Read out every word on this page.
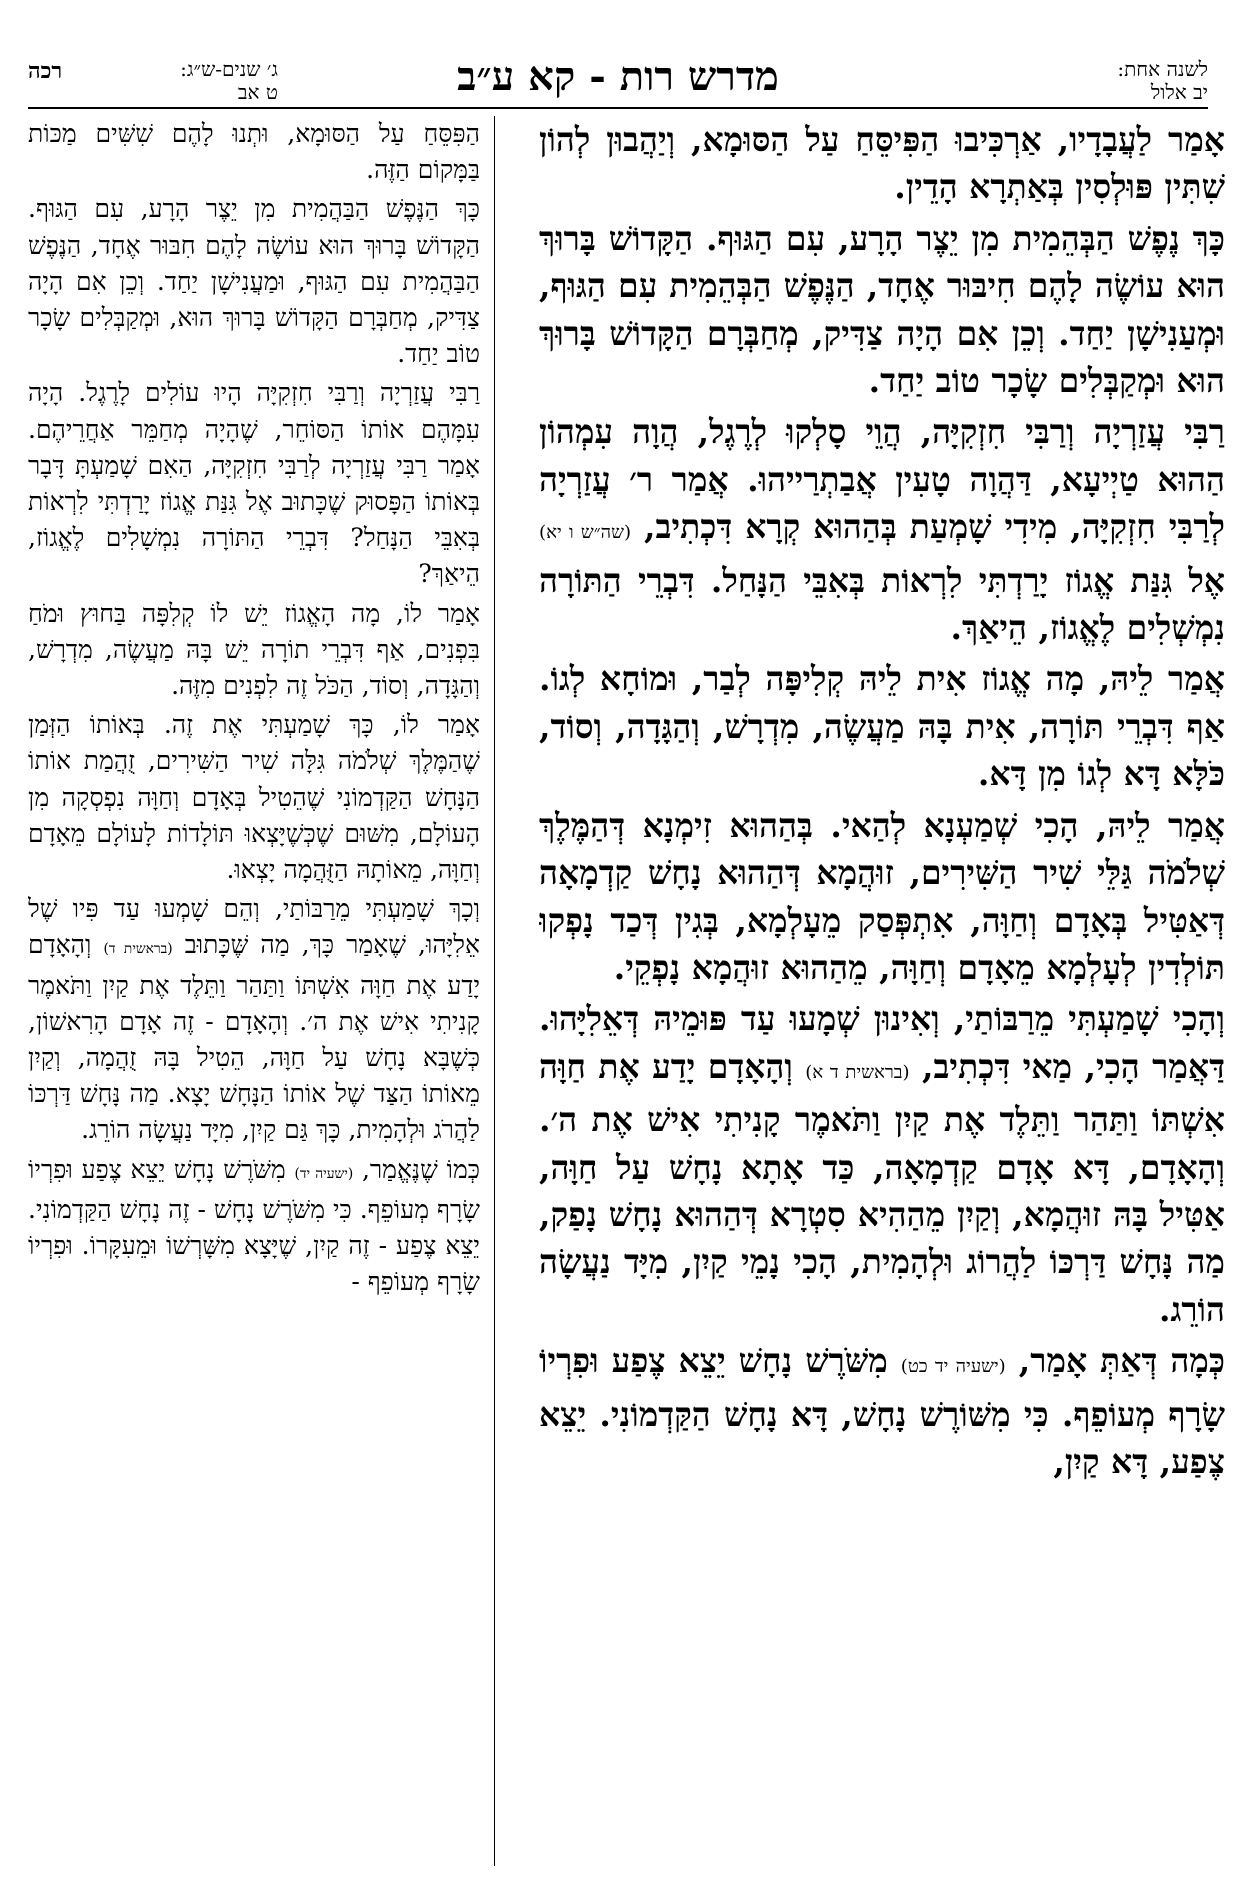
לשנה אחת:
יב אלול
מדרש רות - קא ע״ב
ג׳ שנים-ש״ג:
ט אב
רכה

אָמַר לַעֲבָדָיו, אַרְכִּיבוּ הַפִּיסֵּחַ עַל הַסּוּמָא, וְיַהֲבוּן לְהוֹן שִׁתִּין פּוּלְסִין בְּאַתְרָא הָדֵין.

כָּךְ נֶפֶשׁ הַבְּהֵמִית מִן יֵצֶר הָרָע, עִם הַגּוּף. הַקָּדוֹשׁ בָּרוּךְ הוּא עוֹשֶׂה לָהֶם חִיבּוּר אֶחָד, הַנֶּפֶשׁ הַבְּהֵמִית עִם הַגּוּף, וּמְעַנִישָׁן יַחַד. וְכֵן אִם הָיָה צַדִּיק, מְחַבְּרָם הַקָּדוֹשׁ בָּרוּךְ הוּא וּמְקַבְּלִים שָׂכָר טוֹב יַחַד.

רַבִּי עֲזַרְיָה וְרַבִּי חִזְקִיָּה, הֲוֵי סָלְקוּ לְרֶגֶל, הֲוָה עִמְהוֹן הַהוּא טַיְיעָא, דַּהֲוָה טָעִין אֲבַתְרַייהוּ. אֲמַר ר׳ עֲזַרְיָה לְרַבִּי חִזְקִיָּה, מִידִי שָׁמְעַת בְּהַהוּא קְרָא דִּכְתִיב, (שה״ש ו יא) אֶל גִּנַּת אֱגוֹז יָרַדְתִּי לִרְאוֹת בְּאִבֵּי הַנָּחַל. דִּבְרֵי הַתּוֹרָה נִמְשְׁלִים לֶאֱגוֹז, הֵיאַךְ.

אֲמַר לֵיהּ, מָה אֱגוֹז אִית לֵיהּ קְלִיפָּה לְבַר, וּמוֹחָא לְגוֹ. אַף דִּבְרֵי תּוֹרָה, אִית בָּהּ מַעֲשֶׂה, מִדְרָשׁ, וְהַגָּדָה, וְסוֹד, כֹּלָּא דָּא לְגוֹ מִן דָּא.

אֲמַר לֵיהּ, הָכִי שְׁמַעְנָא לְהַאי. בְּהַהוּא זִימְנָא דְּהַמֶּלֶךְ שְׁלֹמֹה גַּלֵּי שִׁיר הַשִּׁירִים, זוּהֲמָא דְּהַהוּא נָחָשׁ קַדְמָאָה דְּאַטִּיל בְּאָדָם וְחַוָּה, אִתְפְּסַק מֵעָלְמָא, בְּגִין דְּכַד נָפְקוּ תּוֹלְדִין לְעָלְמָא מֵאָדָם וְחַוָּה, מֵהַהוּא זוּהֲמָא נָפְקֵי.

וְהָכִי שָׁמַעְתִּי מֵרַבּוֹתַי, וְאִינוּן שְׁמָעוּ עַד פּוּמֵיהּ דְּאֵלִיָּהוּ. דַּאֲמַר הָכִי, מַאי דִּכְתִיב, (בראשית ד א) וְהָאָדָם יָדַע אֶת חַוָּה אִשְׁתּוֹ וַתַּהַר וַתֵּלֶד אֶת קַיִן וַתֹּאמֶר קָנִיתִי אִישׁ אֶת ה׳. וְהָאָדָם, דָּא אָדָם קַדְמָאָה, כַּד אָתָא נָחָשׁ עַל חַוָּה, אַטִּיל בָּהּ זוּהֲמָא, וְקַיִן מֵהַהִיא סִטְרָא דְּהַהוּא נָחָשׁ נָפַק, מַה נָּחָשׁ דַּרְכּוֹ לַהֲרוֹג וּלְהָמִית, הָכִי נָמֵי קַיִן, מִיָּד נַעֲשָׂה הוֹרֵג.

כְּמָה דְּאַתְּ אָמַר, (ישעיה יד כט) מִשֹּׁרֶשׁ נָחָשׁ יֵצֵא צֶפַע וּפִרְיוֹ שָׂרָף מְעוֹפֵף. כִּי מִשּׁוֹרֶשׁ נָחָשׁ, דָּא נָחָשׁ הַקַּדְמוֹנִי. יֵצֵא צֶפַע, דָּא קַיִן,

הַפִּסֵּחַ עַל הַסּוּמָא, וּתְנוּ לָהֶם שִׁשִּׁים מַכּוֹת בַּמָּקוֹם הַזֶּה.

כָּךְ הַנֶּפֶשׁ הַבַּהֲמִית מִן יֵצֶר הָרָע, עִם הַגּוּף. הַקָּדוֹשׁ בָּרוּךְ הוּא עוֹשֶׂה לָהֶם חִבּוּר אֶחָד, הַנֶּפֶשׁ הַבַּהֲמִית עִם הַגּוּף, וּמַעֲנִישָׁן יַחַד. וְכֵן אִם הָיָה צַדִּיק, מְחַבְּרָם הַקָּדוֹשׁ בָּרוּךְ הוּא, וּמְקַבְּלִים שָׂכָר טוֹב יַחַד.

רַבִּי עֲזַרְיָה וְרַבִּי חִזְקִיָּה הָיוּ עוֹלִים לָרֶגֶל. הָיָה עִמָּהֶם אוֹתוֹ הַסּוֹחֵר, שֶׁהָיָה מְחַמֵּר אַחֲרֵיהֶם. אָמַר רַבִּי עֲזַרְיָה לְרַבִּי חִזְקִיָּה, הַאִם שָׁמַעְתָּ דָּבָר בְּאוֹתוֹ הַפָּסוּק שֶׁכָּתוּב אֶל גִּנַּת אֱגוֹז יָרַדְתִּי לִרְאוֹת בְּאִבֵּי הַנָּחַל? דִּבְרֵי הַתּוֹרָה נִמְשָׁלִים לֶאֱגוֹז, הֵיאַךְ?

אָמַר לוֹ, מָה הָאֱגוֹז יֵשׁ לוֹ קְלִפָּה בַּחוּץ וּמֹחַ בִּפְנִים, אַף דִּבְרֵי תוֹרָה יֵשׁ בָּהּ מַעֲשֶׂה, מִדְרָשׁ, וְהַגָּדָה, וְסוֹד, הַכֹּל זֶה לִפְנִים מִזֶּה.

אָמַר לוֹ, כָּךְ שָׁמַעְתִּי אֶת זֶה. בְּאוֹתוֹ הַזְּמַן שֶׁהַמֶּלֶךְ שְׁלֹמֹה גִּלָּה שִׁיר הַשִּׁירִים, זֻהֲמַת אוֹתוֹ הַנָּחָשׁ הַקַּדְמוֹנִי שֶׁהֵטִיל בְּאָדָם וְחַוָּה נִפְסְקָה מִן הָעוֹלָם, מִשּׁוּם שֶׁכְּשֶׁיָּצְאוּ תּוֹלָדוֹת לָעוֹלָם מֵאָדָם וְחַוָּה, מֵאוֹתָהּ הַזֻּהֲמָה יָצְאוּ.

וְכָךְ שָׁמַעְתִּי מֵרַבּוֹתַי, וְהֵם שָׁמְעוּ עַד פִּיו שֶׁל אֵלִיָּהוּ, שֶׁאָמַר כָּךְ, מַה שֶּׁכָּתוּב (בראשית ד) וְהָאָדָם יָדַע אֶת חַוָּה אִשְׁתּוֹ וַתַּהַר וַתֵּלֶד אֶת קַיִן וַתֹּאמֶר קָנִיתִי אִישׁ אֶת ה׳. וְהָאָדָם - זֶה אָדָם הָרִאשׁוֹן, כְּשֶׁבָּא נָחָשׁ עַל חַוָּה, הֵטִיל בָּהּ זֻהֲמָה, וְקַיִן מֵאוֹתוֹ הַצַּד שֶׁל אוֹתוֹ הַנָּחָשׁ יָצָא. מַה נָּחָשׁ דַּרְכּוֹ לַהֲרֹג וּלְהָמִית, כָּךְ גַּם קַיִן, מִיָּד נַעֲשָׂה הוֹרֵג.

כְּמוֹ שֶׁנֶּאֱמַר, (ישעיה יד) מִשֹּׁרֶשׁ נָחָשׁ יֵצֵא צֶפַע וּפִרְיוֹ שָׂרָף מְעוֹפֵף. כִּי מִשֹּׁרֶשׁ נָחָשׁ - זֶה נָחָשׁ הַקַּדְמוֹנִי. יֵצֵא צֶפַע - זֶה קַיִן, שֶׁיָּצָא מִשָּׁרְשׁוֹ וּמֵעִקָּרוֹ. וּפִרְיוֹ שָׂרָף מְעוֹפֵף -
